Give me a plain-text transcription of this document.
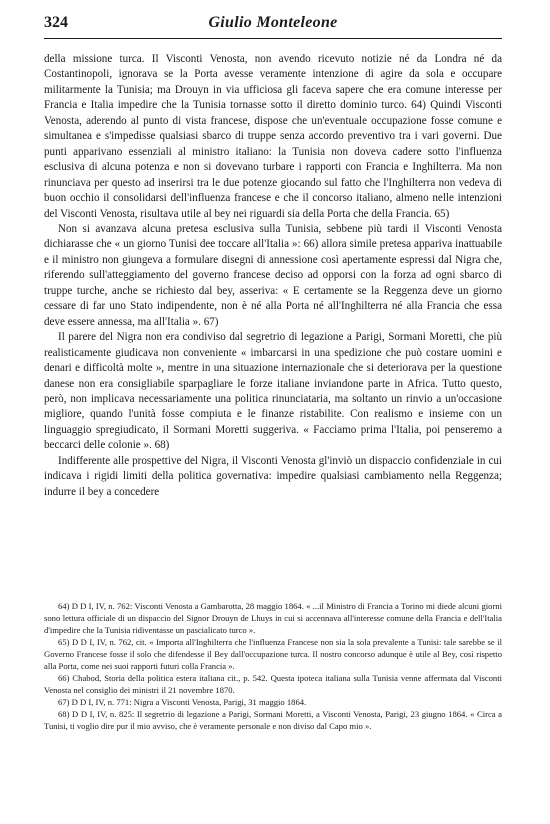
324	Giulio Monteleone

della missione turca. Il Visconti Venosta, non avendo ricevuto notizie né da Londra né da Costantinopoli, ignorava se la Porta avesse veramente intenzione di agire da sola e occupare militarmente la Tunisia; ma Drouyn in via ufficiosa gli faceva sapere che era comune interesse per Francia e Italia impedire che la Tunisia tornasse sotto il diretto dominio turco. 64) Quindi Visconti Venosta, aderendo al punto di vista francese, dispose che un'eventuale occupazione fosse comune e simultanea e s'impedisse qualsiasi sbarco di truppe senza accordo preventivo tra i vari governi. Due punti apparivano essenziali al ministro italiano: la Tunisia non doveva cadere sotto l'influenza esclusiva di alcuna potenza e non si dovevano turbare i rapporti con Francia e Inghilterra. Ma non rinunciava per questo ad inserirsi tra le due potenze giocando sul fatto che l'Inghilterra non vedeva di buon occhio il consolidarsi dell'influenza francese e che il concorso italiano, almeno nelle intenzioni del Visconti Venosta, risultava utile al bey nei riguardi sia della Porta che della Francia. 65)

Non si avanzava alcuna pretesa esclusiva sulla Tunisia, sebbene più tardi il Visconti Venosta dichiarasse che « un giorno Tunisi dee toccare all'Italia »: 66) allora simile pretesa appariva inattuabile e il ministro non giungeva a formulare disegni di annessione così apertamente espressi dal Nigra che, riferendo sull'atteggiamento del governo francese deciso ad opporsi con la forza ad ogni sbarco di truppe turche, anche se richiesto dal bey, asseriva: « E certamente se la Reggenza deve un giorno cessare di far uno Stato indipendente, non è né alla Porta né all'Inghilterra né alla Francia che essa deve essere annessa, ma all'Italia ». 67)

Il parere del Nigra non era condiviso dal segretrio di legazione a Parigi, Sormani Moretti, che più realisticamente giudicava non conveniente « imbarcarsi in una spedizione che può costare uomini e denari e difficoltà molte », mentre in una situazione internazionale che si deteriorava per la questione danese non era consigliabile sparpagliare le forze italiane inviandone parte in Africa. Tutto questo, però, non implicava necessariamente una politica rinunciataria, ma soltanto un rinvio a un'occasione migliore, quando l'unità fosse compiuta e le finanze ristabilite. Con realismo e insieme con un linguaggio spregiudicato, il Sormani Moretti suggeriva. « Facciamo prima l'Italia, poi penseremo a beccarci delle colonie ». 68)

Indifferente alle prospettive del Nigra, il Visconti Venosta gl'inviò un dispaccio confidenziale in cui indicava i rigidi limiti della politica governativa: impedire qualsiasi cambiamento nella Reggenza; indurre il bey a concedere

64) D D I, IV, n. 762: Visconti Venosta a Gambarotta, 28 maggio 1864. « ...il Ministro di Francia a Torino mi diede alcuni giorni sono lettura officiale di un dispaccio del Signor Drouyn de Lhuys in cui si accennava all'interesse comune della Francia e dell'Italia d'impedire che la Tunisia ridiventasse un pascialicato turco ».

65) D D I, IV, n. 762, cit. « Importa all'Inghilterra che l'influenza Francese non sia la sola prevalente a Tunisi: tale sarebbe se il Governo Francese fosse il solo che difendesse il Bey dall'occupazione turca. Il nostro concorso adunque è utile al Bey, così rispetto alla Porta, come nei suoi rapporti futuri colla Francia ».

66) Chabod, Storia della politica estera italiana cit., p. 542. Questa ipoteca italiana sulla Tunisia venne affermata dal Visconti Venosta nel consiglio dei ministri il 21 novembre 1870.

67) D D I, IV, n. 771: Nigra a Visconti Venosta, Parigi, 31 maggio 1864.

68) D D I, IV, n. 825: Il segretrio di legazione a Parigi, Sormani Moretti, a Visconti Venosta, Parigi, 23 giugno 1864. « Circa a Tunisi, ti voglio dire pur il mio avviso, che è veramente personale e non diviso dal Capo mio ».
